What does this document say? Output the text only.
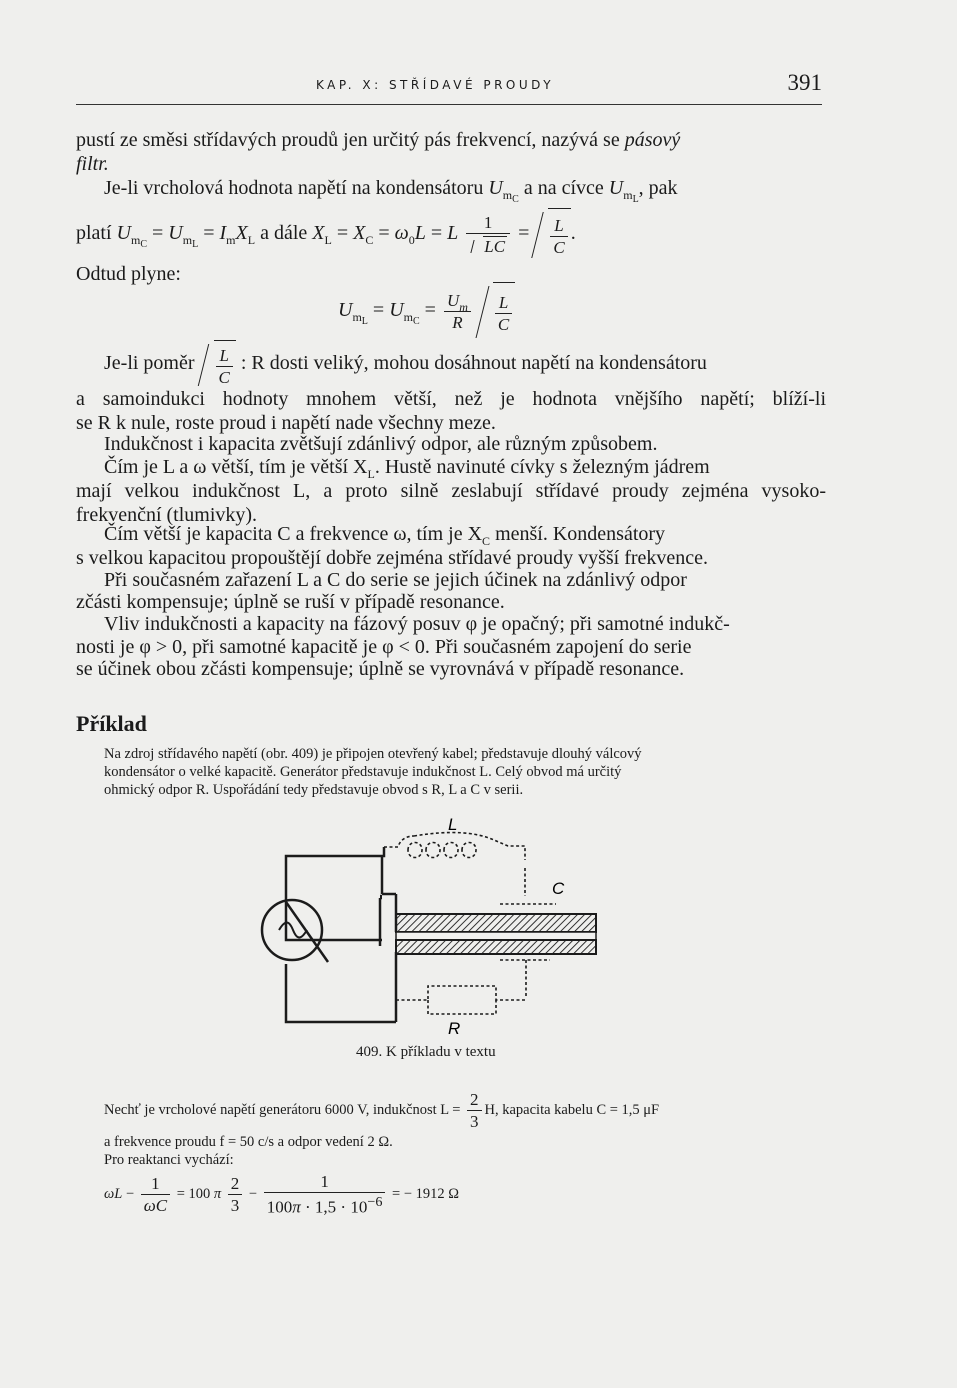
KAP. X: STŘÍDAVÉ PROUDY	391
pustí ze směsi střídavých proudů jen určitý pás frekvencí, nazývá se pásový
filtr.
Je-li vrcholová hodnota napětí na kondensátoru $U_{m_C}$ a na cívce $U_{m_L}$, pak
platí $U_{m_C} = U_{m_L} = I_mX_L$ a dále $X_L = X_C = \omega_0L = L \frac{1}{LC} = \frac{L}{C}$ .
Odtud plyne:
$U_{m_L} = U_{m_C} = \frac{U_m}{R}$
$\frac{L}{C}$
Je-li poměr $\frac{L}{C}$ : R dosti veliký, mohou dosáhnout napětí na kondensátoru
a samoindukci hodnoty mnohem větší, než je hodnota vnějšího napětí; blíží-li
se R k nule, roste proud i napětí nade všechny meze.
Indukčnost i kapacita zvětšují zdánlivý odpor, ale různým způsobem.
Čím je L a ω větší, tím je větší $X_L$. Hustě navinuté cívky s železným jádrem
mají velkou indukčnost L, a proto silně zeslabují střídavé proudy zejména vysoko-
frekvenční (tlumivky).
Čím větší je kapacita C a frekvence ω, tím je $X_C$ menší. Kondensátory
s velkou kapacitou propouštějí dobře zejména střídavé proudy vyšší frekvence.
Při současném zařazení L a C do serie se jejich účinek na zdánlivý odpor
zčásti kompensuje; úplně se ruší v případě resonance.
Vliv indukčnosti a kapacity na fázový posuv φ je opačný; při samotné indukč-
nosti je φ > 0, při samotné kapacitě je φ < 0. Při současném zapojení do serie
se účinek obou zčásti kompensuje; úplně se vyrovnává v případě resonance.
Příklad
Na zdroj střídavého napětí (obr. 409) je připojen otevřený kabel; představuje dlouhý válcový
kondensátor o velké kapacitě. Generátor představuje indukčnost L. Celý obvod má určitý
ohmický odpor R. Uspořádání tedy představuje obvod s R, L a C v serii.
L
C
R
409. K příkladu v textu
Nechť je vrcholové napětí generátoru 6000 V, indukčnost $L = \frac{2}{3} H$, kapacita kabelu C = 1,5 μF
a frekvence proudu f = 50 c/s a odpor vedení 2 Ω.
Pro reaktanci vychází:
$\omega L - \frac{1}{\omega C} = 100$ π $\frac{2}{3} - \frac{1}{100\pi \cdot 1,5 \cdot 10^{-6}}$ = − 1912 Ω
